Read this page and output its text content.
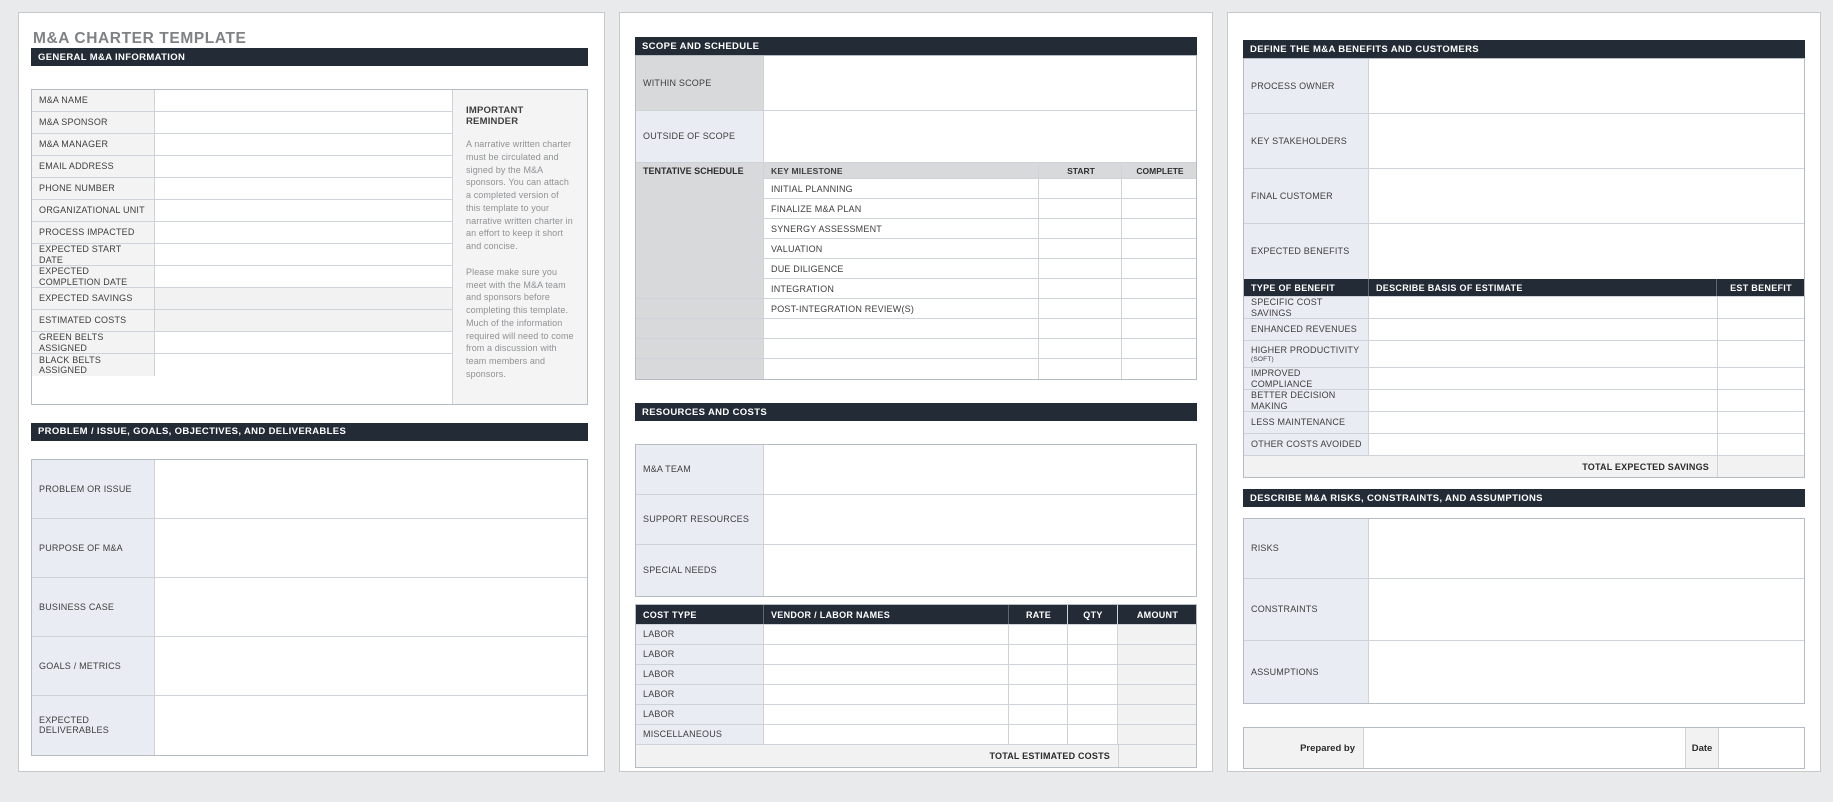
M&A CHARTER TEMPLATE
GENERAL M&A INFORMATION
M&A NAME
M&A SPONSOR
M&A MANAGER
EMAIL ADDRESS
PHONE NUMBER
ORGANIZATIONAL UNIT
PROCESS IMPACTED
EXPECTED START DATE
EXPECTED COMPLETION DATE
EXPECTED SAVINGS
ESTIMATED COSTS
GREEN BELTS ASSIGNED
BLACK BELTS ASSIGNED
IMPORTANT REMINDER

A narrative written charter must be circulated and signed by the M&A sponsors. You can attach a completed version of this template to your narrative written charter in an effort to keep it short and concise.

Please make sure you meet with the M&A team and sponsors before completing this template. Much of the information required will need to come from a discussion with team members and sponsors.

PROBLEM / ISSUE, GOALS, OBJECTIVES, AND DELIVERABLES
PROBLEM OR ISSUE
PURPOSE OF M&A
BUSINESS CASE
GOALS / METRICS
EXPECTED DELIVERABLES
SCOPE AND SCHEDULE
WITHIN SCOPE
OUTSIDE OF SCOPE
TENTATIVE SCHEDULE	KEY MILESTONE	START	COMPLETE
INITIAL PLANNING
FINALIZE M&A PLAN
SYNERGY ASSESSMENT
VALUATION
DUE DILIGENCE
INTEGRATION
POST-INTEGRATION REVIEW(S)
RESOURCES AND COSTS
M&A TEAM
SUPPORT RESOURCES
SPECIAL NEEDS
COST TYPE	VENDOR / LABOR NAMES	RATE	QTY	AMOUNT
LABOR
LABOR
LABOR
LABOR
LABOR
MISCELLANEOUS
TOTAL ESTIMATED COSTS
DEFINE THE M&A BENEFITS AND CUSTOMERS
PROCESS OWNER
KEY STAKEHOLDERS
FINAL CUSTOMER
EXPECTED BENEFITS
TYPE OF BENEFIT	DESCRIBE BASIS OF ESTIMATE	EST BENEFIT
SPECIFIC COST SAVINGS
ENHANCED REVENUES
HIGHER PRODUCTIVITY
(SOFT)
IMPROVED COMPLIANCE
BETTER DECISION MAKING
LESS MAINTENANCE
OTHER COSTS AVOIDED
TOTAL EXPECTED SAVINGS
DESCRIBE M&A RISKS, CONSTRAINTS, AND ASSUMPTIONS
RISKS
CONSTRAINTS
ASSUMPTIONS
Prepared by	Date
